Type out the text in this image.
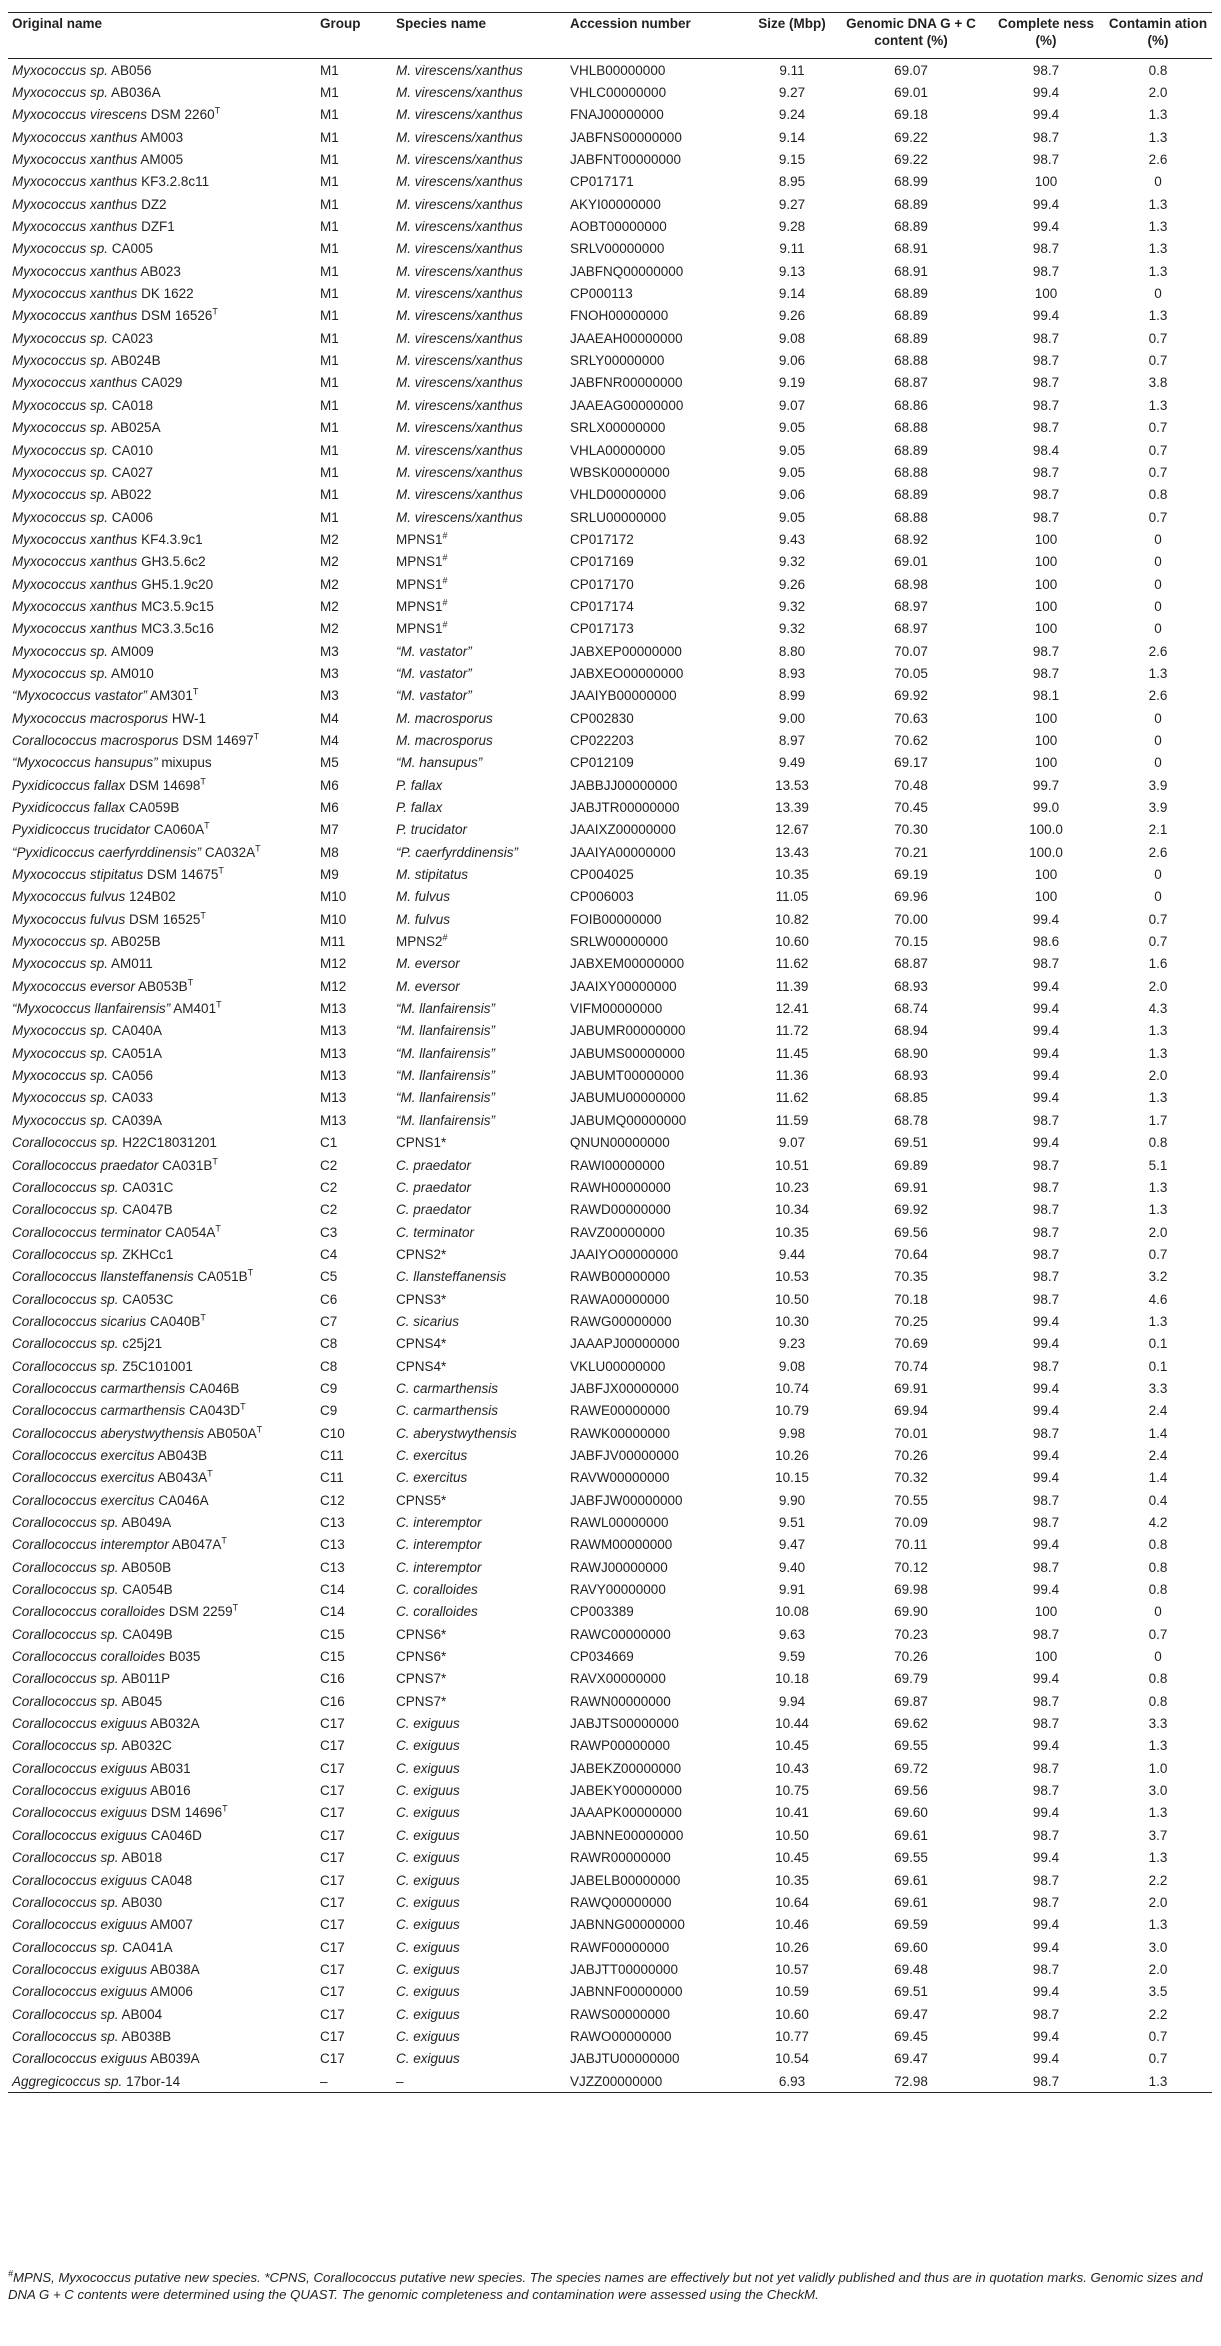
Original name	Group	Species name	Accession number	Size (Mbp)	Genomic DNA G + C content (%)	Complete ness (%)	Contamin ation (%)
Myxococcus sp. AB056	M1	M. virescens/xanthus	VHLB00000000	9.11	69.07	98.7	0.8
Myxococcus sp. AB036A	M1	M. virescens/xanthus	VHLC00000000	9.27	69.01	99.4	2.0
Myxococcus virescens DSM $2260^T$	M1	M. virescens/xanthus	FNAJ00000000	9.24	69.18	99.4	1.3
Myxococcus xanthus AM003	M1	M. virescens/xanthus	JABFNS00000000	9.14	69.22	98.7	1.3
Myxococcus xanthus AM005	M1	M. virescens/xanthus	JABFNT00000000	9.15	69.22	98.7	2.6
Myxococcus xanthus KF3.2.8c11	M1	M. virescens/xanthus	CP017171	8.95	68.99	100	0
Myxococcus xanthus DZ2	M1	M. virescens/xanthus	AKYI00000000	9.27	68.89	99.4	1.3
Myxococcus xanthus DZF1	M1	M. virescens/xanthus	AOBT00000000	9.28	68.89	99.4	1.3
Myxococcus sp. CA005	M1	M. virescens/xanthus	SRLV00000000	9.11	68.91	98.7	1.3
Myxococcus xanthus AB023	M1	M. virescens/xanthus	JABFNQ00000000	9.13	68.91	98.7	1.3
Myxococcus xanthus DK 1622	M1	M. virescens/xanthus	CP000113	9.14	68.89	100	0
Myxococcus xanthus DSM $16526^T$	M1	M. virescens/xanthus	FNOH00000000	9.26	68.89	99.4	1.3
Myxococcus sp. CA023	M1	M. virescens/xanthus	JAAEAH00000000	9.08	68.89	98.7	0.7
Myxococcus sp. AB024B	M1	M. virescens/xanthus	SRLY00000000	9.06	68.88	98.7	0.7
Myxococcus xanthus CA029	M1	M. virescens/xanthus	JABFNR00000000	9.19	68.87	98.7	3.8
Myxococcus sp. CA018	M1	M. virescens/xanthus	JAAEAG00000000	9.07	68.86	98.7	1.3
Myxococcus sp. AB025A	M1	M. virescens/xanthus	SRLX00000000	9.05	68.88	98.7	0.7
Myxococcus sp. CA010	M1	M. virescens/xanthus	VHLA00000000	9.05	68.89	98.4	0.7
Myxococcus sp. CA027	M1	M. virescens/xanthus	WBSK00000000	9.05	68.88	98.7	0.7
Myxococcus sp. AB022	M1	M. virescens/xanthus	VHLD00000000	9.06	68.89	98.7	0.8
Myxococcus sp. CA006	M1	M. virescens/xanthus	SRLU00000000	9.05	68.88	98.7	0.7
Myxococcus xanthus KF4.3.9c1	M2	MPNS1#	CP017172	9.43	68.92	100	0
Myxococcus xanthus GH3.5.6c2	M2	MPNS1#	CP017169	9.32	69.01	100	0
Myxococcus xanthus GH5.1.9c20	M2	MPNS1#	CP017170	9.26	68.98	100	0
Myxococcus xanthus MC3.5.9c15	M2	MPNS1#	CP017174	9.32	68.97	100	0
Myxococcus xanthus MC3.3.5c16	M2	MPNS1#	CP017173	9.32	68.97	100	0
Myxococcus sp. AM009	M3	“M. vastator”	JABXEP00000000	8.80	70.07	98.7	2.6
Myxococcus sp. AM010	M3	“M. vastator”	JABXEO00000000	8.93	70.05	98.7	1.3
“Myxococcus vastator” $AM301^T$	M3	“M. vastator”	JAAIYB00000000	8.99	69.92	98.1	2.6
Myxococcus macrosporus HW-1	M4	M. macrosporus	CP002830	9.00	70.63	100	0
Corallococcus macrosporus DSM $14697^T$	M4	M. macrosporus	CP022203	8.97	70.62	100	0
“Myxococcus hansupus” mixupus	M5	“M. hansupus”	CP012109	9.49	69.17	100	0
Pyxidicoccus fallax DSM $14698^T$	M6	P. fallax	JABBJJ00000000	13.53	70.48	99.7	3.9
Pyxidicoccus fallax CA059B	M6	P. fallax	JABJTR00000000	13.39	70.45	99.0	3.9
Pyxidicoccus trucidator $CA060A^T$	M7	P. trucidator	JAAIXZ00000000	12.67	70.30	100.0	2.1
“Pyxidicoccus caerfyrddinensis” $CA032A^T$	M8	“P. caerfyrddinensis”	JAAIYA00000000	13.43	70.21	100.0	2.6
Myxococcus stipitatus DSM $14675^T$	M9	M. stipitatus	CP004025	10.35	69.19	100	0
Myxococcus fulvus 124B02	M10	M. fulvus	CP006003	11.05	69.96	100	0
Myxococcus fulvus DSM $16525^T$	M10	M. fulvus	FOIB00000000	10.82	70.00	99.4	0.7
Myxococcus sp. AB025B	M11	MPNS2#	SRLW00000000	10.60	70.15	98.6	0.7
Myxococcus sp. AM011	M12	M. eversor	JABXEM00000000	11.62	68.87	98.7	1.6
Myxococcus eversor $AB053B^T$	M12	M. eversor	JAAIXY00000000	11.39	68.93	99.4	2.0
“Myxococcus llanfairensis” $AM401^T$	M13	“M. llanfairensis”	VIFM00000000	12.41	68.74	99.4	4.3
Myxococcus sp. CA040A	M13	“M. llanfairensis”	JABUMR00000000	11.72	68.94	99.4	1.3
Myxococcus sp. CA051A	M13	“M. llanfairensis”	JABUMS00000000	11.45	68.90	99.4	1.3
Myxococcus sp. CA056	M13	“M. llanfairensis”	JABUMT00000000	11.36	68.93	99.4	2.0
Myxococcus sp. CA033	M13	“M. llanfairensis”	JABUMU00000000	11.62	68.85	99.4	1.3
Myxococcus sp. CA039A	M13	“M. llanfairensis”	JABUMQ00000000	11.59	68.78	98.7	1.7
Corallococcus sp. H22C18031201	C1	CPNS1*	QNUN00000000	9.07	69.51	99.4	0.8
Corallococcus praedator $CA031B^T$	C2	C. praedator	RAWI00000000	10.51	69.89	98.7	5.1
Corallococcus sp. CA031C	C2	C. praedator	RAWH00000000	10.23	69.91	98.7	1.3
Corallococcus sp. CA047B	C2	C. praedator	RAWD00000000	10.34	69.92	98.7	1.3
Corallococcus terminator $CA054A^T$	C3	C. terminator	RAVZ00000000	10.35	69.56	98.7	2.0
Corallococcus sp. ZKHCc1	C4	CPNS2*	JAAIYO00000000	9.44	70.64	98.7	0.7
Corallococcus llansteffanensis $CA051B^T$	C5	C. llansteffanensis	RAWB00000000	10.53	70.35	98.7	3.2
Corallococcus sp. CA053C	C6	CPNS3*	RAWA00000000	10.50	70.18	98.7	4.6
Corallococcus sicarius $CA040B^T$	C7	C. sicarius	RAWG00000000	10.30	70.25	99.4	1.3
Corallococcus sp. c25j21	C8	CPNS4*	JAAAPJ00000000	9.23	70.69	99.4	0.1
Corallococcus sp. Z5C101001	C8	CPNS4*	VKLU00000000	9.08	70.74	98.7	0.1
Corallococcus carmarthensis CA046B	C9	C. carmarthensis	JABFJX00000000	10.74	69.91	99.4	3.3
Corallococcus carmarthensis $CA043D^T$	C9	C. carmarthensis	RAWE00000000	10.79	69.94	99.4	2.4
Corallococcus aberystwythensis $AB050A^T$	C10	C. aberystwythensis	RAWK00000000	9.98	70.01	98.7	1.4
Corallococcus exercitus AB043B	C11	C. exercitus	JABFJV00000000	10.26	70.26	99.4	2.4
Corallococcus exercitus $AB043A^T$	C11	C. exercitus	RAVW00000000	10.15	70.32	99.4	1.4
Corallococcus exercitus CA046A	C12	CPNS5*	JABFJW00000000	9.90	70.55	98.7	0.4
Corallococcus sp. AB049A	C13	C. interemptor	RAWL00000000	9.51	70.09	98.7	4.2
Corallococcus interemptor $AB047A^T$	C13	C. interemptor	RAWM00000000	9.47	70.11	99.4	0.8
Corallococcus sp. AB050B	C13	C. interemptor	RAWJ00000000	9.40	70.12	98.7	0.8
Corallococcus sp. CA054B	C14	C. coralloides	RAVY00000000	9.91	69.98	99.4	0.8
Corallococcus coralloides DSM $2259^T$	C14	C. coralloides	CP003389	10.08	69.90	100	0
Corallococcus sp. CA049B	C15	CPNS6*	RAWC00000000	9.63	70.23	98.7	0.7
Corallococcus coralloides B035	C15	CPNS6*	CP034669	9.59	70.26	100	0
Corallococcus sp. AB011P	C16	CPNS7*	RAVX00000000	10.18	69.79	99.4	0.8
Corallococcus sp. AB045	C16	CPNS7*	RAWN00000000	9.94	69.87	98.7	0.8
Corallococcus exiguus AB032A	C17	C. exiguus	JABJTS00000000	10.44	69.62	98.7	3.3
Corallococcus sp. AB032C	C17	C. exiguus	RAWP00000000	10.45	69.55	99.4	1.3
Corallococcus exiguus AB031	C17	C. exiguus	JABEKZ00000000	10.43	69.72	98.7	1.0
Corallococcus exiguus AB016	C17	C. exiguus	JABEKY00000000	10.75	69.56	98.7	3.0
Corallococcus exiguus DSM $14696^T$	C17	C. exiguus	JAAAPK00000000	10.41	69.60	99.4	1.3
Corallococcus exiguus CA046D	C17	C. exiguus	JABNNE00000000	10.50	69.61	98.7	3.7
Corallococcus sp. AB018	C17	C. exiguus	RAWR00000000	10.45	69.55	99.4	1.3
Corallococcus exiguus CA048	C17	C. exiguus	JABELB00000000	10.35	69.61	98.7	2.2
Corallococcus sp. AB030	C17	C. exiguus	RAWQ00000000	10.64	69.61	98.7	2.0
Corallococcus exiguus AM007	C17	C. exiguus	JABNNG00000000	10.46	69.59	99.4	1.3
Corallococcus sp. CA041A	C17	C. exiguus	RAWF00000000	10.26	69.60	99.4	3.0
Corallococcus exiguus AB038A	C17	C. exiguus	JABJTT00000000	10.57	69.48	98.7	2.0
Corallococcus exiguus AM006	C17	C. exiguus	JABNNF00000000	10.59	69.51	99.4	3.5
Corallococcus sp. AB004	C17	C. exiguus	RAWS00000000	10.60	69.47	98.7	2.2
Corallococcus sp. AB038B	C17	C. exiguus	RAWO00000000	10.77	69.45	99.4	0.7
Corallococcus exiguus AB039A	C17	C. exiguus	JABJTU00000000	10.54	69.47	99.4	0.7
Aggregicoccus sp. 17bor-14	–	–	VJZZ00000000	6.93	72.98	98.7	1.3
#MPNS, Myxococcus putative new species. *CPNS, Corallococcus putative new species. The species names are effectively but not yet validly published and thus are in quotation marks. Genomic sizes and DNA G + C contents were determined using the QUAST. The genomic completeness and contamination were assessed using the CheckM.
